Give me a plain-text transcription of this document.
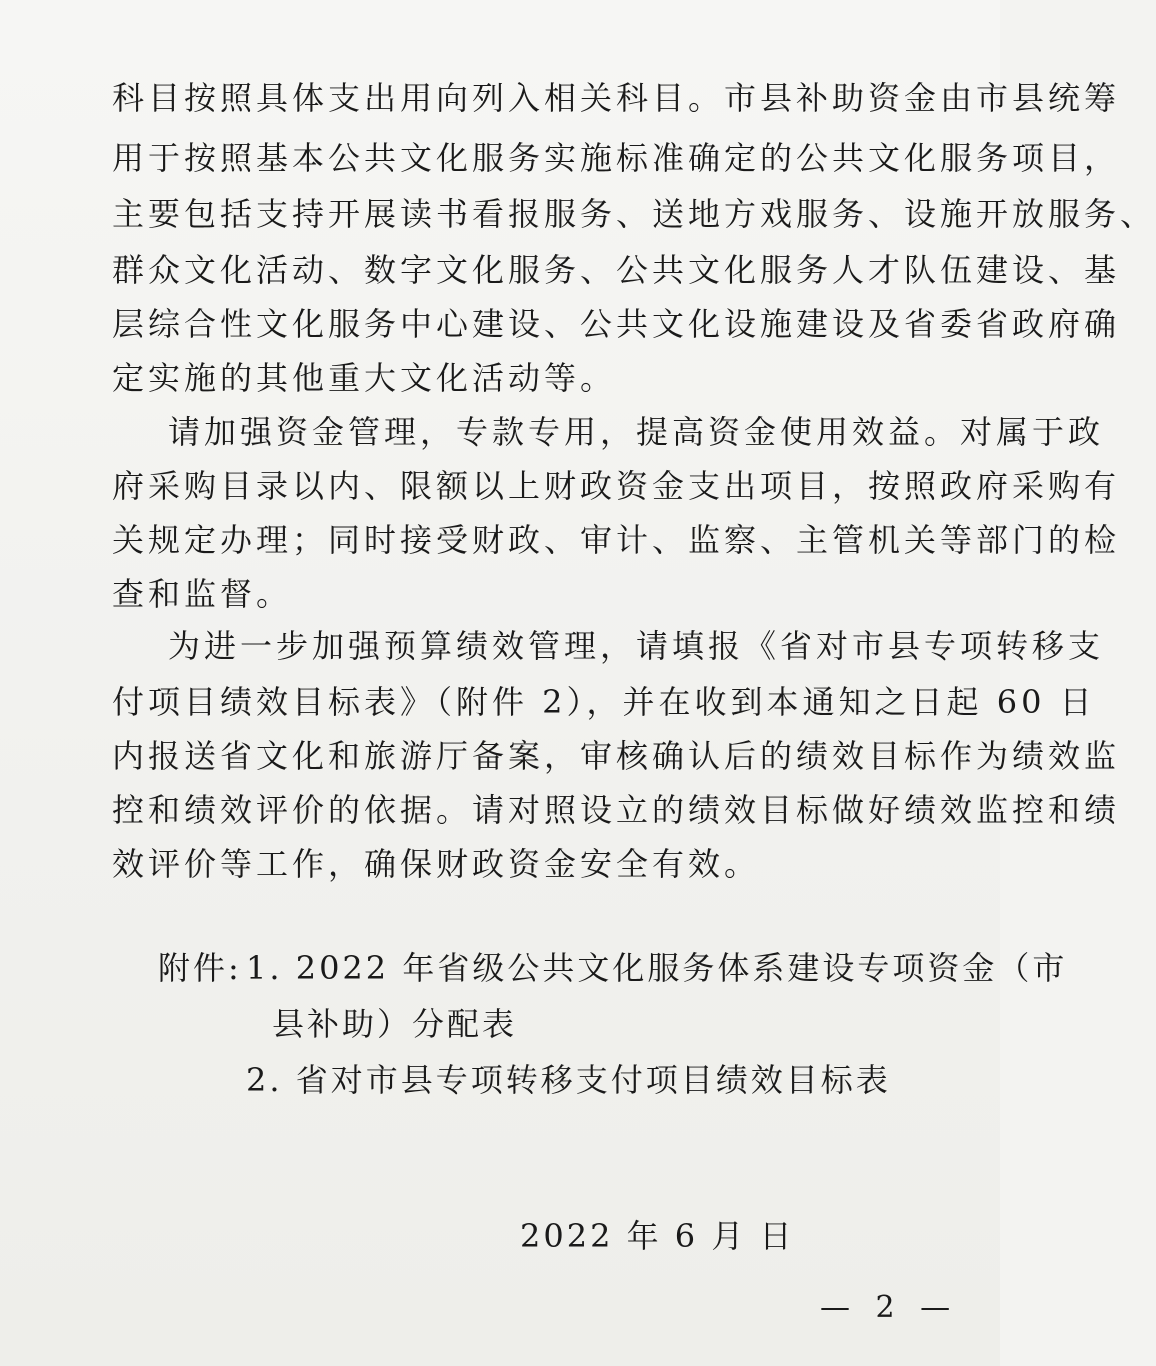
科目按照具体支出用向列入相关科目。市县补助资金由市县统筹
用于按照基本公共文化服务实施标准确定的公共文化服务项目，
主要包括支持开展读书看报服务、送地方戏服务、设施开放服务、
群众文化活动、数字文化服务、公共文化服务人才队伍建设、基
层综合性文化服务中心建设、公共文化设施建设及省委省政府确
定实施的其他重大文化活动等。
请加强资金管理，专款专用，提高资金使用效益。对属于政
府采购目录以内、限额以上财政资金支出项目，按照政府采购有
关规定办理；同时接受财政、审计、监察、主管机关等部门的检
查和监督。
为进一步加强预算绩效管理，请填报《省对市县专项转移支
付项目绩效目标表》（附件 2），并在收到本通知之日起 60 日
内报送省文化和旅游厅备案，审核确认后的绩效目标作为绩效监
控和绩效评价的依据。请对照设立的绩效目标做好绩效监控和绩
效评价等工作，确保财政资金安全有效。
附件: 1. 2022 年省级公共文化服务体系建设专项资金（市
县补助）分配表
2. 省对市县专项转移支付项目绩效目标表
2022 年 6 月 日
— 2 —
